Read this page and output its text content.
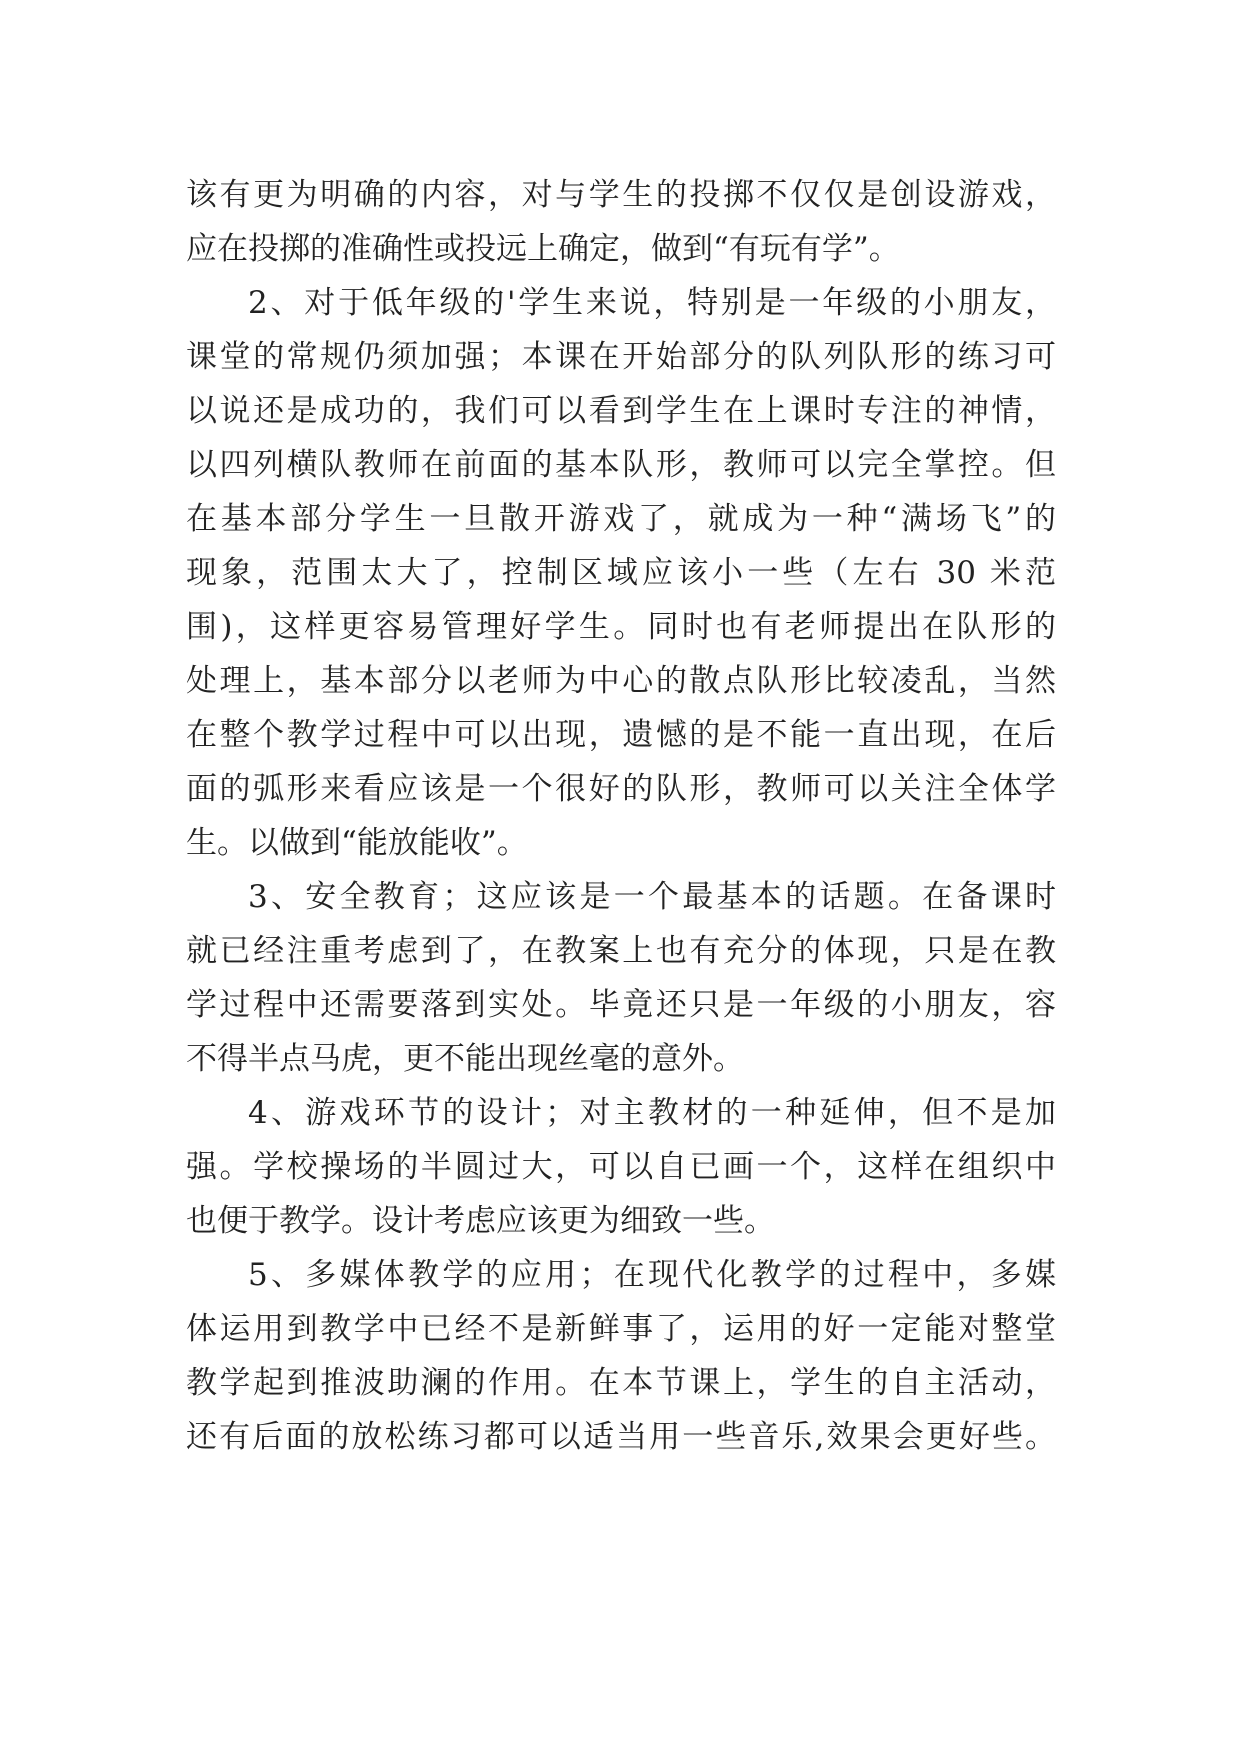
该有更为明确的内容，对与学生的投掷不仅仅是创设游戏，
应在投掷的准确性或投远上确定，做到“有玩有学”。
2、对于低年级的'学生来说，特别是一年级的小朋友，
课堂的常规仍须加强；本课在开始部分的队列队形的练习可
以说还是成功的，我们可以看到学生在上课时专注的神情，
以四列横队教师在前面的基本队形，教师可以完全掌控。但
在基本部分学生一旦散开游戏了，就成为一种“满场飞”的
现象，范围太大了，控制区域应该小一些（左右 30 米范
围)，这样更容易管理好学生。同时也有老师提出在队形的
处理上，基本部分以老师为中心的散点队形比较凌乱，当然
在整个教学过程中可以出现，遗憾的是不能一直出现，在后
面的弧形来看应该是一个很好的队形，教师可以关注全体学
生。以做到“能放能收”。
3、安全教育；这应该是一个最基本的话题。在备课时
就已经注重考虑到了，在教案上也有充分的体现，只是在教
学过程中还需要落到实处。毕竟还只是一年级的小朋友，容
不得半点马虎，更不能出现丝毫的意外。
4、游戏环节的设计；对主教材的一种延伸，但不是加
强。学校操场的半圆过大，可以自已画一个，这样在组织中
也便于教学。设计考虑应该更为细致一些。
5、多媒体教学的应用；在现代化教学的过程中，多媒
体运用到教学中已经不是新鲜事了，运用的好一定能对整堂
教学起到推波助澜的作用。在本节课上，学生的自主活动，
还有后面的放松练习都可以适当用一些音乐,效果会更好些。
